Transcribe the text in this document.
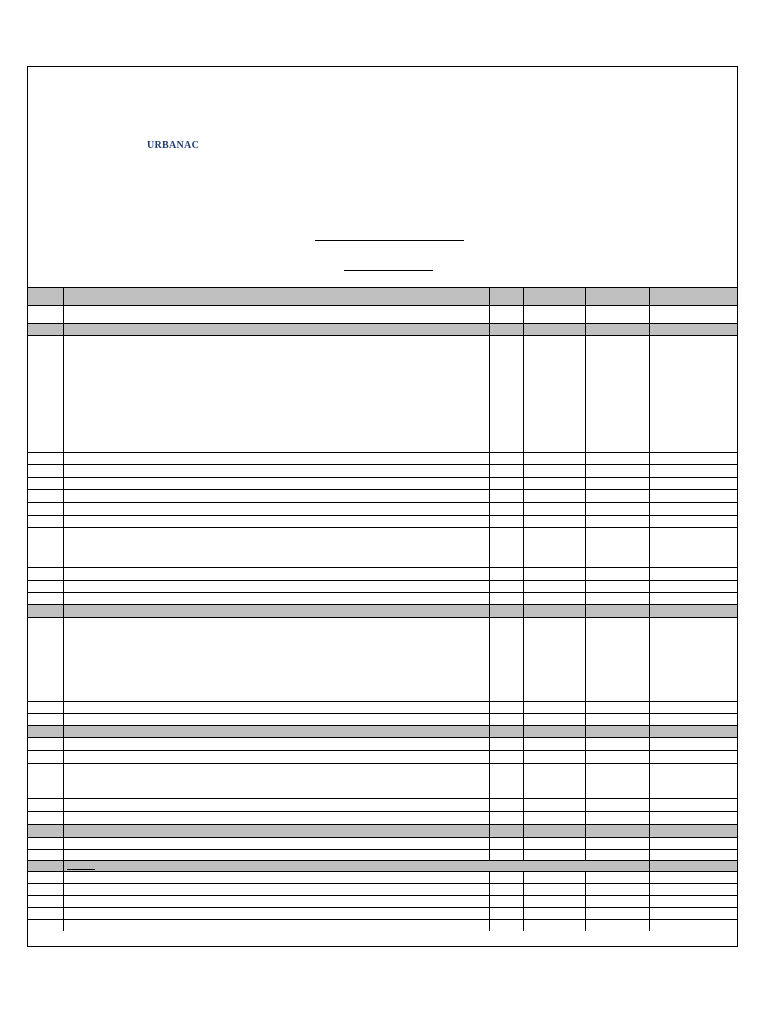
URBANAC
